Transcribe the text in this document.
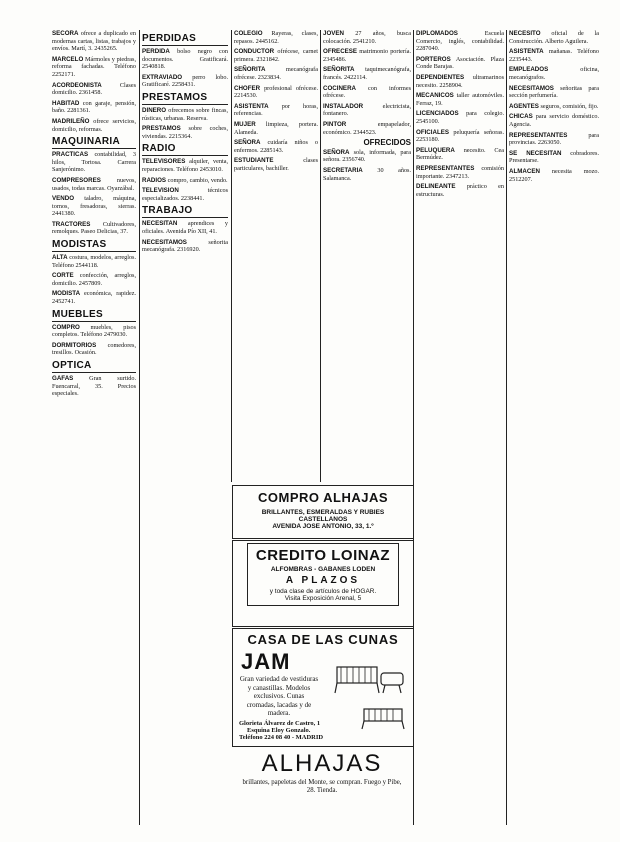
SECORA ofrece a duplicado en modernas cartas, listas, trabajos y envíos. Martí, 3. 2435265.

MARCELO Mármoles y piedras, reforma fachadas. Teléfono 2252171.

ACORDEONISTA	Clases domicilio. 2361458.

HABITAD con garaje, pensión, baño. 2281361.

MADRILEÑO ofrece servicios, domicilio, reformas.

MAQUINARIA

PRACTICAS contabilidad, 3 hilos, Tortosa. Carrera Sanjerónimo.

COMPRESORES	nuevos, usados, todas marcas. Oyarzábal.

VENDO taladro, máquina, tornos, fresadoras, sierras. 2441380.

TRACTORES Cultivadores, remolques. Paseo Delicias, 37.

MODISTAS

ALTA costura, modelos, arreglos. Teléfono 2544118.

CORTE confección, arreglos, domicilio. 2457809.

MODISTA económica, rapidez. 2452741.

MUEBLES

COMPRO muebles, pisos completos. Teléfono 2479030.

DORMITORIOS comedores, tresillos. Ocasión.

OPTICA

GAFAS	Gran surtido. Fuencarral, 35. Precios especiales.

PERDIDAS

PERDIDA bolso negro con documentos. Gratificará. 2540818.

EXTRAVIADO perro lobo. Gratificaré. 2258431.

PRESTAMOS

DINERO ofrecemos sobre fincas, rústicas, urbanas. Reserva.

PRESTAMOS sobre coches, viviendas. 2215364.

RADIO

TELEVISORES alquiler, venta, reparaciones. Teléfono 2453010.

RADIOS compro, cambio, vendo.

TELEVISION	técnicos especializados. 2238441.

TRABAJO

NECESITAN aprendices y oficiales. Avenida Pío XII, 41.

NECESITAMOS	señorita mecanógrafa. 2316920.

COLEGIO Rayeras, clases, repasos. 2445162.

CONDUCTOR ofrécese, carnet primera. 2321842.

SEÑORITA	mecanógrafa ofrécese. 2323834.

CHOFER profesional ofrécese. 2214530.

ASISTENTA por horas, referencias.

MUJER limpieza, portera. Alameda.

SEÑORA cuidaría niños o enfermos. 2285143.

ESTUDIANTE	clases particulares, bachiller.

JOVEN 27 años, busca colocación. 2541210.

OFRECESE matrimonio portería. 2345486.

SEÑORITA taquimecanógrafa, francés. 2422114.

COCINERA con informes ofrécese.

INSTALADOR	electricista, fontanero.

PINTOR	empapelador, económico. 2344523.

OFRECIDOS

SEÑORA sola, informada, para señora. 2356740.

SECRETARIA 30 años. Salamanca.

DIPLOMADOS	Escuela Comercio, inglés, contabilidad. 2287040.

PORTEROS Asociación. Plaza Conde Barajas.

DEPENDIENTES ultramarinos necesito. 2258904.

MECANICOS taller automóviles. Ferraz, 19.

LICENCIADOS para colegio. 2545100.

OFICIALES peluquería señoras. 2253180.

PELUQUERA necesito. Cea Bermúdez.

REPRESENTANTES comisión importante. 2347213.

DELINEANTE práctico en estructuras.

NECESITO oficial de la Construcción. Alberto Aguilera.

ASISTENTA mañanas. Teléfono 2235443.

EMPLEADOS	oficina, mecanógrafos.

NECESITAMOS señoritas para sección perfumería.

AGENTES seguros, comisión, fijo.

CHICAS para servicio doméstico. Agencia.

REPRESENTANTES	para provincias. 2263050.

SE NECESITAN cobradores. Presentarse.

ALMACEN necesita mozo. 2512207.

COMPRO ALHAJAS
BRILLANTES, ESMERALDAS Y RUBIES
CASTELLANOS
AVENIDA JOSE ANTONIO, 33, 1.º
CREDITO LOINAZ
ALFOMBRAS - GABANES LODEN
A PLAZOS
y toda clase de artículos de HOGAR.
Visita Exposición Arenal, 5
CASA DE LAS CUNAS
JAM
Gran variedad de vestiduras y canastillas. Modelos exclusivos. Cunas cromadas, lacadas y de madera.
Glorieta Álvarez de Castro, 1
Esquina Eloy Gonzalo.
Teléfono 224 08 40 - MADRID
ALHAJAS
brillantes, papeletas del Monte, se compran. Fuego y Pibe, 28. Tienda.
